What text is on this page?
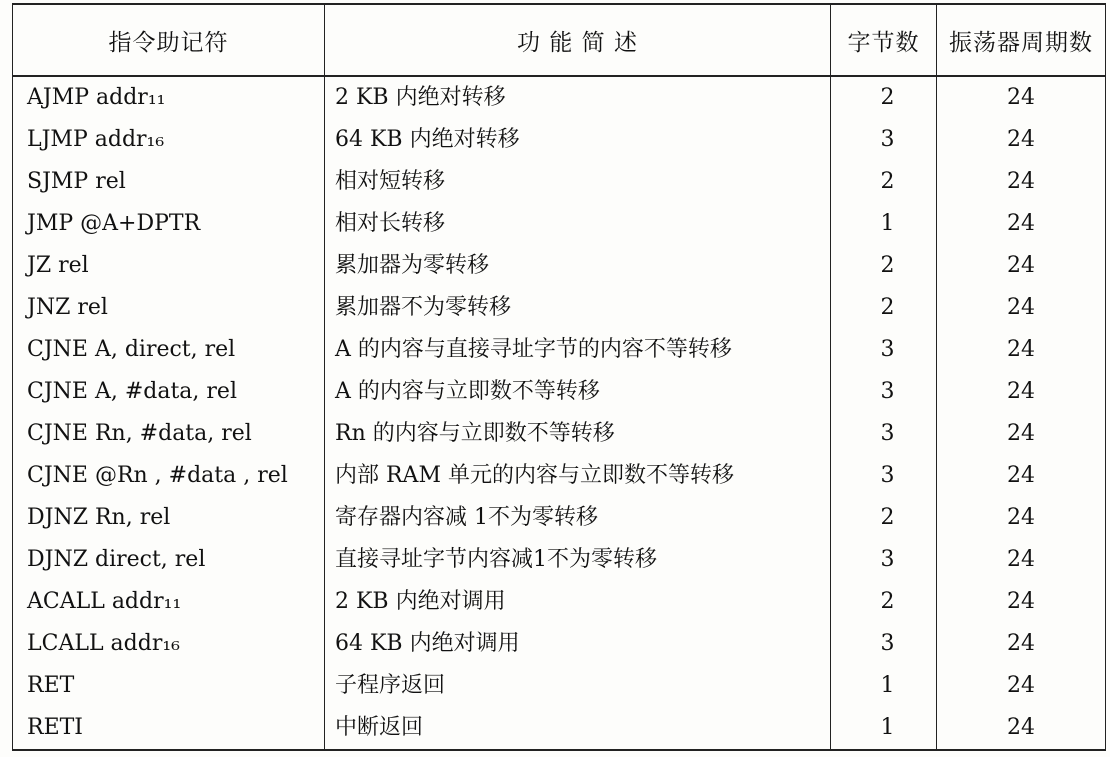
指令助记符	功 能 简 述	字节数	振荡器周期数
AJMP addr₁₁	2 KB 内绝对转移	2	24
LJMP addr₁₆	64 KB 内绝对转移	3	24
SJMP rel	相对短转移	2	24
JMP @A+DPTR	相对长转移	1	24
JZ rel	累加器为零转移	2	24
JNZ rel	累加器不为零转移	2	24
CJNE A, direct, rel	A 的内容与直接寻址字节的内容不等转移	3	24
CJNE A, #data, rel	A 的内容与立即数不等转移	3	24
CJNE Rn, #data, rel	Rn 的内容与立即数不等转移	3	24
CJNE @Rn , #data , rel	内部 RAM 单元的内容与立即数不等转移	3	24
DJNZ Rn, rel	寄存器内容减 1不为零转移	2	24
DJNZ direct, rel	直接寻址字节内容减1不为零转移	3	24
ACALL addr₁₁	2 KB 内绝对调用	2	24
LCALL addr₁₆	64 KB 内绝对调用	3	24
RET	子程序返回	1	24
RETI	中断返回	1	24
